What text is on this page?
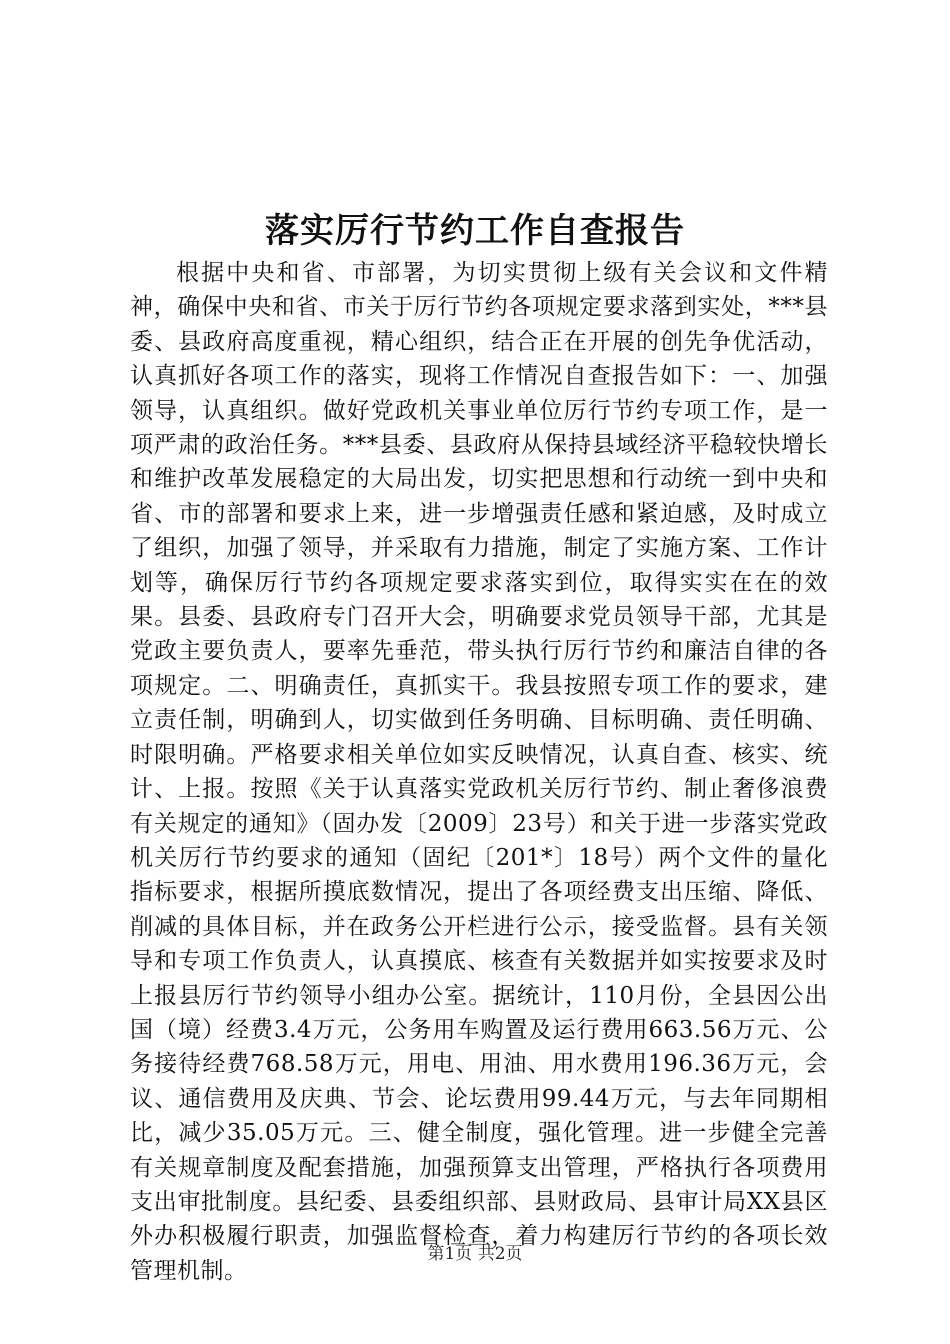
落实厉行节约工作自查报告

根据中央和省、市部署，为切实贯彻上级有关会议和文件精神，确保中央和省、市关于厉行节约各项规定要求落到实处，***县委、县政府高度重视，精心组织，结合正在开展的创先争优活动，认真抓好各项工作的落实，现将工作情况自查报告如下：一、加强领导，认真组织。做好党政机关事业单位厉行节约专项工作，是一项严肃的政治任务。***县委、县政府从保持县域经济平稳较快增长和维护改革发展稳定的大局出发，切实把思想和行动统一到中央和省、市的部署和要求上来，进一步增强责任感和紧迫感，及时成立了组织，加强了领导，并采取有力措施，制定了实施方案、工作计划等，确保厉行节约各项规定要求落实到位，取得实实在在的效果。县委、县政府专门召开大会，明确要求党员领导干部，尤其是党政主要负责人，要率先垂范，带头执行厉行节约和廉洁自律的各项规定。二、明确责任，真抓实干。我县按照专项工作的要求，建立责任制，明确到人，切实做到任务明确、目标明确、责任明确、时限明确。严格要求相关单位如实反映情况，认真自查、核实、统计、上报。按照《关于认真落实党政机关厉行节约、制止奢侈浪费有关规定的通知》（固办发〔2009〕23号）和关于进一步落实党政机关厉行节约要求的通知（固纪〔201*〕18号）两个文件的量化指标要求，根据所摸底数情况，提出了各项经费支出压缩、降低、削减的具体目标，并在政务公开栏进行公示，接受监督。县有关领导和专项工作负责人，认真摸底、核查有关数据并如实按要求及时上报县厉行节约领导小组办公室。据统计，110月份，全县因公出国（境）经费3.4万元，公务用车购置及运行费用663.56万元、公务接待经费768.58万元，用电、用油、用水费用196.36万元，会议、通信费用及庆典、节会、论坛费用99.44万元，与去年同期相比，减少35.05万元。三、健全制度，强化管理。进一步健全完善有关规章制度及配套措施，加强预算支出管理，严格执行各项费用支出审批制度。县纪委、县委组织部、县财政局、县审计局XX县区外办积极履行职责，加强监督检查，着力构建厉行节约的各项长效管理机制。

第1页 共2页
